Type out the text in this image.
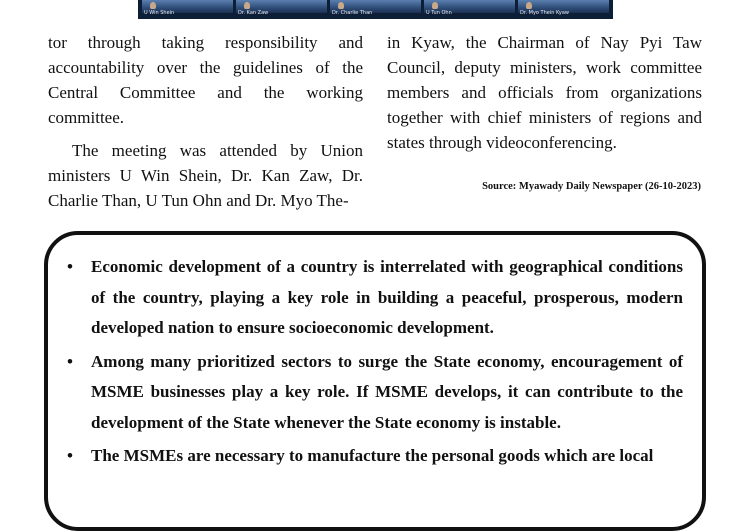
U Win Shein	Dr. Kan Zaw	Dr. Charlie Than	U Tun Ohn	Dr. Myo Thein Kyaw

tor through taking responsibility and accountability over the guidelines of the Central Committee and the working committee.

The meeting was attended by Union ministers U Win Shein, Dr. Kan Zaw, Dr. Charlie Than, U Tun Ohn and Dr. Myo The-

in Kyaw, the Chairman of Nay Pyi Taw Council, deputy ministers, work committee members and officials from organizations together with chief ministers of regions and states through videoconferencing.

Source: Myawady Daily Newspaper (26-10-2023)
• Economic development of a country is interrelated with geographical conditions of the country, playing a key role in building a peaceful, prosperous, modern developed nation to ensure socioeconomic development.
• Among many prioritized sectors to surge the State economy, encouragement of MSME businesses play a key role. If MSME develops, it can contribute to the development of the State whenever the State economy is instable.
• The MSMEs are necessary to manufacture the personal goods which are local
